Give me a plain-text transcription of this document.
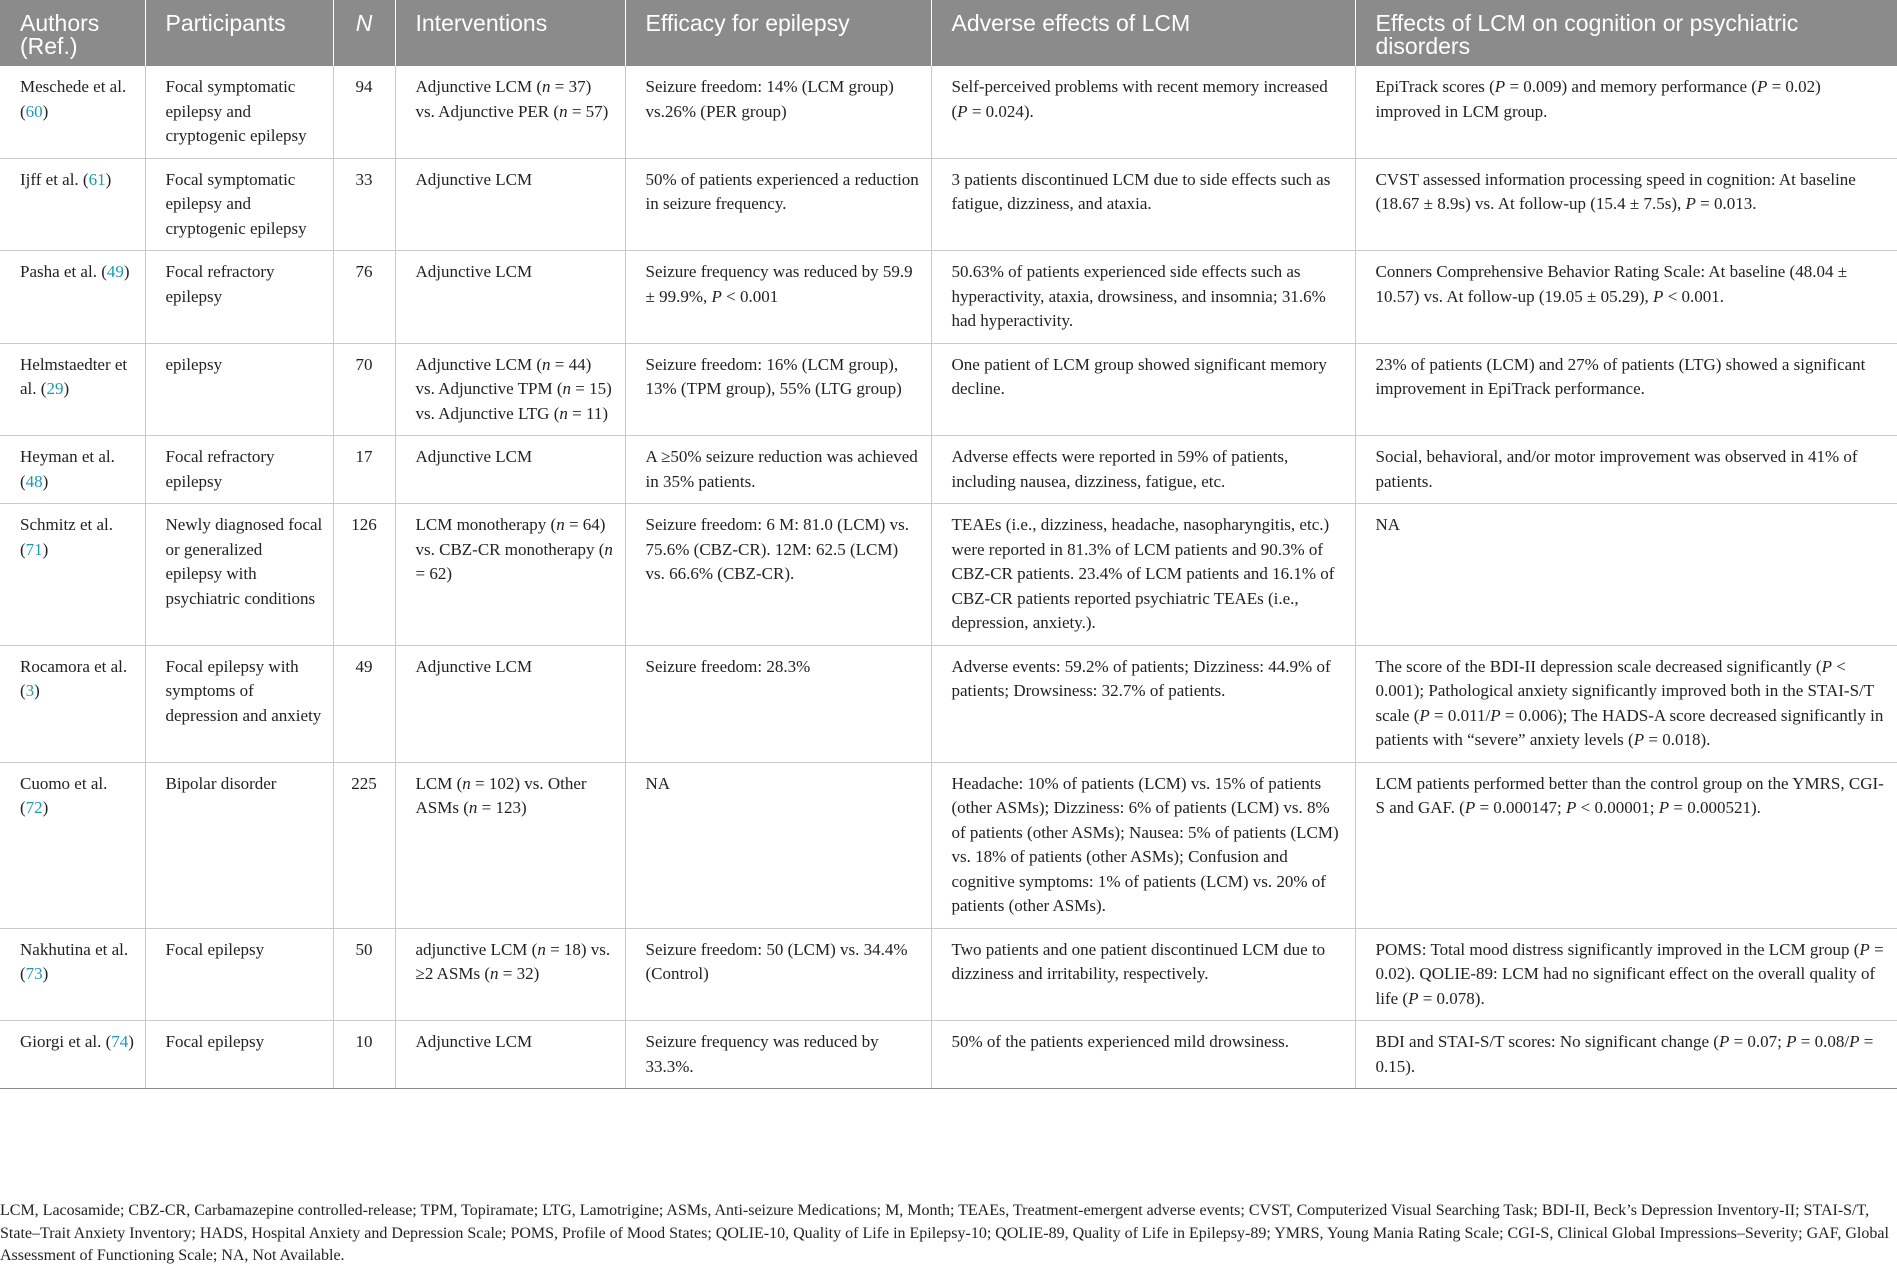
Authors (Ref.)	Participants	N	Interventions	Efficacy for epilepsy	Adverse effects of LCM	Effects of LCM on cognition or psychiatric disorders
Meschede et al. (60)	Focal symptomatic epilepsy and cryptogenic epilepsy	94	Adjunctive LCM (n = 37) vs. Adjunctive PER (n = 57)	Seizure freedom: 14% (LCM group) vs.26% (PER group)	Self-perceived problems with recent memory increased (P = 0.024).	EpiTrack scores (P = 0.009) and memory performance (P = 0.02) improved in LCM group.
Ijff et al. (61)	Focal symptomatic epilepsy and cryptogenic epilepsy	33	Adjunctive LCM	50% of patients experienced a reduction in seizure frequency.	3 patients discontinued LCM due to side effects such as fatigue, dizziness, and ataxia.	CVST assessed information processing speed in cognition: At baseline (18.67 ± 8.9s) vs. At follow-up (15.4 ± 7.5s), P = 0.013.
Pasha et al. (49)	Focal refractory epilepsy	76	Adjunctive LCM	Seizure frequency was reduced by 59.9 ± 99.9%, P < 0.001	50.63% of patients experienced side effects such as hyperactivity, ataxia, drowsiness, and insomnia; 31.6% had hyperactivity.	Conners Comprehensive Behavior Rating Scale: At baseline (48.04 ± 10.57) vs. At follow-up (19.05 ± 05.29), P < 0.001.
Helmstaedter et al. (29)	epilepsy	70	Adjunctive LCM (n = 44) vs. Adjunctive TPM (n = 15) vs. Adjunctive LTG (n = 11)	Seizure freedom: 16% (LCM group), 13% (TPM group), 55% (LTG group)	One patient of LCM group showed significant memory decline.	23% of patients (LCM) and 27% of patients (LTG) showed a significant improvement in EpiTrack performance.
Heyman et al. (48)	Focal refractory epilepsy	17	Adjunctive LCM	A ≥50% seizure reduction was achieved in 35% patients.	Adverse effects were reported in 59% of patients, including nausea, dizziness, fatigue, etc.	Social, behavioral, and/or motor improvement was observed in 41% of patients.
Schmitz et al. (71)	Newly diagnosed focal or generalized epilepsy with psychiatric conditions	126	LCM monotherapy (n = 64) vs. CBZ-CR monotherapy (n = 62)	Seizure freedom: 6 M: 81.0 (LCM) vs. 75.6% (CBZ-CR). 12M: 62.5 (LCM) vs. 66.6% (CBZ-CR).	TEAEs (i.e., dizziness, headache, nasopharyngitis, etc.) were reported in 81.3% of LCM patients and 90.3% of CBZ-CR patients. 23.4% of LCM patients and 16.1% of CBZ-CR patients reported psychiatric TEAEs (i.e., depression, anxiety.).	NA
Rocamora et al. (3)	Focal epilepsy with symptoms of depression and anxiety	49	Adjunctive LCM	Seizure freedom: 28.3%	Adverse events: 59.2% of patients; Dizziness: 44.9% of patients; Drowsiness: 32.7% of patients.	The score of the BDI-II depression scale decreased significantly (P < 0.001); Pathological anxiety significantly improved both in the STAI-S/T scale (P = 0.011/P = 0.006); The HADS-A score decreased significantly in patients with “severe” anxiety levels (P = 0.018).
Cuomo et al. (72)	Bipolar disorder	225	LCM (n = 102) vs. Other ASMs (n = 123)	NA	Headache: 10% of patients (LCM) vs. 15% of patients (other ASMs); Dizziness: 6% of patients (LCM) vs. 8% of patients (other ASMs); Nausea: 5% of patients (LCM) vs. 18% of patients (other ASMs); Confusion and cognitive symptoms: 1% of patients (LCM) vs. 20% of patients (other ASMs).	LCM patients performed better than the control group on the YMRS, CGI-S and GAF. (P = 0.000147; P < 0.00001; P = 0.000521).
Nakhutina et al. (73)	Focal epilepsy	50	adjunctive LCM (n = 18) vs. ≥2 ASMs (n = 32)	Seizure freedom: 50 (LCM) vs. 34.4% (Control)	Two patients and one patient discontinued LCM due to dizziness and irritability, respectively.	POMS: Total mood distress significantly improved in the LCM group (P = 0.02). QOLIE-89: LCM had no significant effect on the overall quality of life (P = 0.078).
Giorgi et al. (74)	Focal epilepsy	10	Adjunctive LCM	Seizure frequency was reduced by 33.3%.	50% of the patients experienced mild drowsiness.	BDI and STAI-S/T scores: No significant change (P = 0.07; P = 0.08/P = 0.15).
LCM, Lacosamide; CBZ-CR, Carbamazepine controlled-release; TPM, Topiramate; LTG, Lamotrigine; ASMs, Anti-seizure Medications; M, Month; TEAEs, Treatment-emergent adverse events; CVST, Computerized Visual Searching Task; BDI-II, Beck’s Depression Inventory-II; STAI-S/T, State–Trait Anxiety Inventory; HADS, Hospital Anxiety and Depression Scale; POMS, Profile of Mood States; QOLIE-10, Quality of Life in Epilepsy-10; QOLIE-89, Quality of Life in Epilepsy-89; YMRS, Young Mania Rating Scale; CGI-S, Clinical Global Impressions–Severity; GAF, Global Assessment of Functioning Scale; NA, Not Available.
